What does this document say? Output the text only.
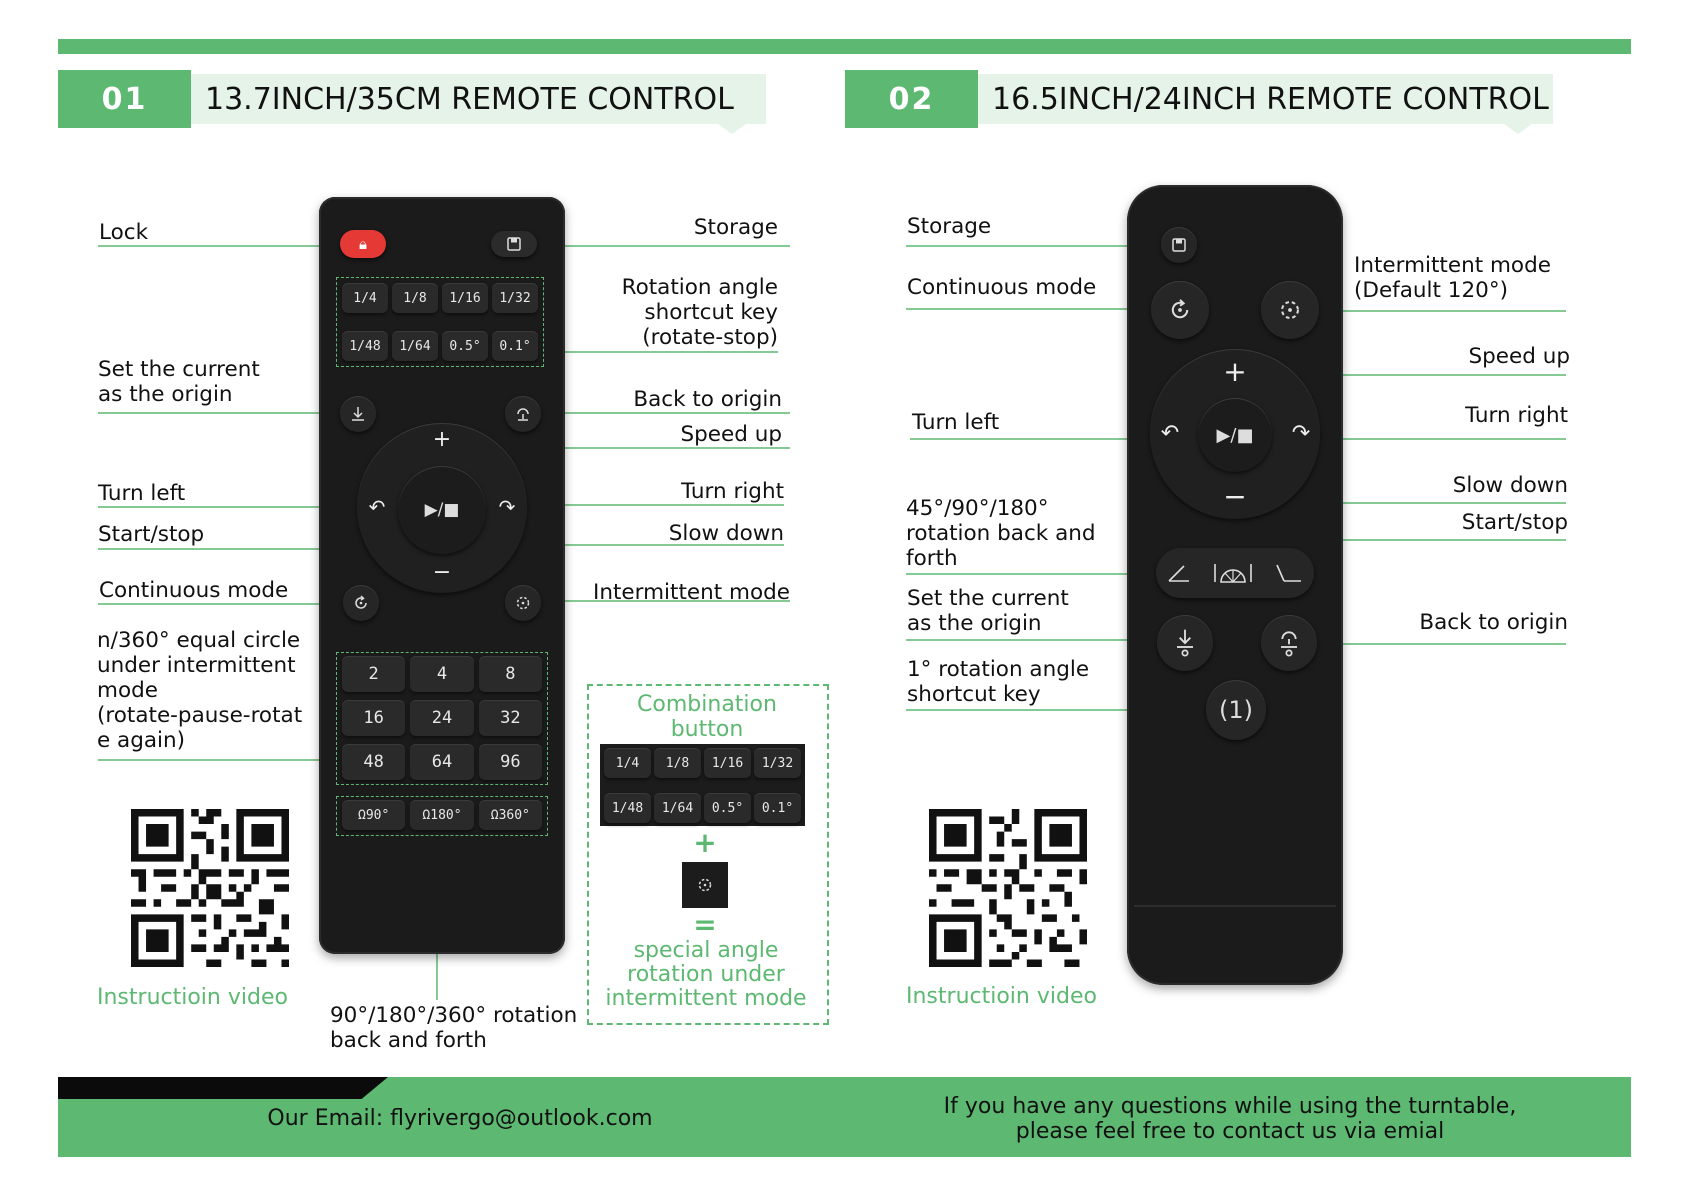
01	13.7INCH/35CM REMOTE CONTROL	02	16.5INCH/24INCH REMOTE CONTROL
🔒︎
1/4	1/8	1/16	1/32
1/48	1/64	0.5°	0.1°
+
−
↶	↷
▶/■
2	4	8
16	24	32
48	64	96
Ω90°	Ω180°	Ω360°
Lock	Storage
Rotation angle
shortcut key
(rotate-stop)
Set the current
as the origin	Back to origin
Speed up
Turn left	Turn right
Start/stop	Slow down
Continuous mode	Intermittent mode
n/360° equal circle
under intermittent
mode
(rotate-pause-rotat
e again)
90°/180°/360° rotation
back and forth
Instructioin video
Combination
button
1/4	1/8	1/16	1/32
1/48	1/64	0.5°	0.1°
+
=
special angle
rotation under
intermittent mode
+
−
↶	↷
▶/■
(1)
Storage
Continuous mode
Intermittent mode
(Default 120°)
Speed up
Turn left	Turn right
Slow down
Start/stop
45°/90°/180°
rotation back and
forth
Set the current
as the origin	Back to origin
1° rotation angle
shortcut key
Instructioin video
Our Email: flyrivergo@outlook.com	If you have any questions while using the turntable,
please feel free to contact us via emial
